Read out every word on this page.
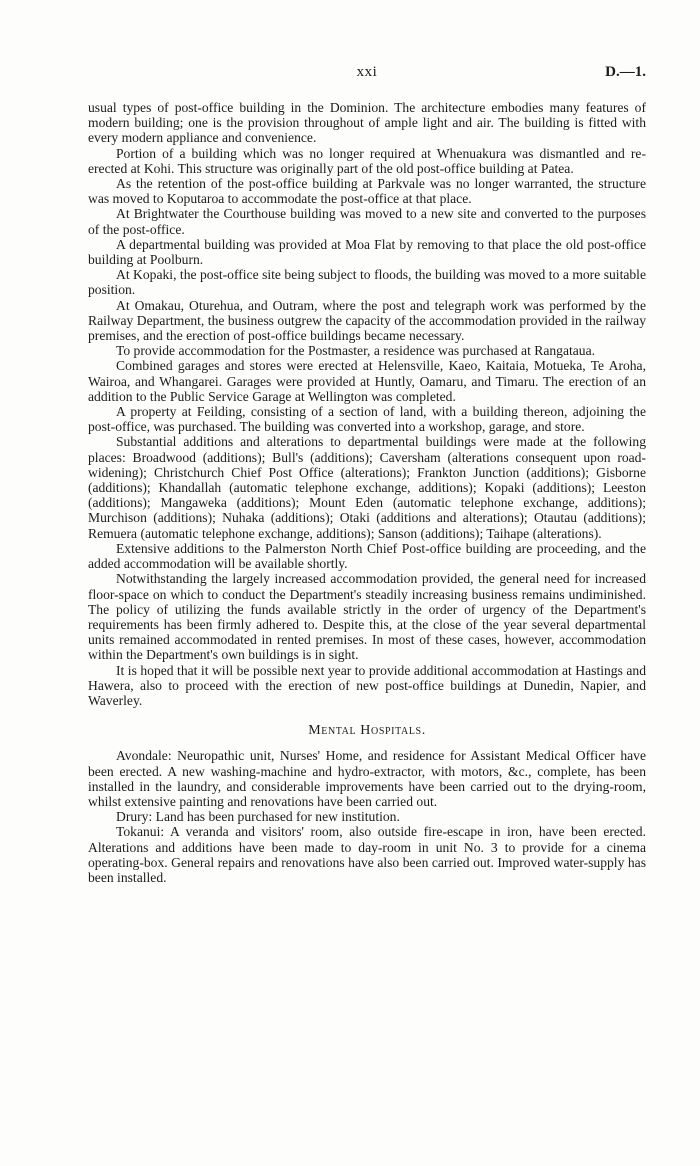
xxi	D.—1.

usual types of post-office building in the Dominion. The architecture embodies many features of modern building; one is the provision throughout of ample light and air. The building is fitted with every modern appliance and convenience.

Portion of a building which was no longer required at Whenuakura was dismantled and re-erected at Kohi. This structure was originally part of the old post-office building at Patea.

As the retention of the post-office building at Parkvale was no longer warranted, the structure was moved to Koputaroa to accommodate the post-office at that place.

At Brightwater the Courthouse building was moved to a new site and converted to the purposes of the post-office.

A departmental building was provided at Moa Flat by removing to that place the old post-office building at Poolburn.

At Kopaki, the post-office site being subject to floods, the building was moved to a more suitable position.

At Omakau, Oturehua, and Outram, where the post and telegraph work was performed by the Railway Department, the business outgrew the capacity of the accommodation provided in the railway premises, and the erection of post-office buildings became necessary.

To provide accommodation for the Postmaster, a residence was purchased at Rangataua.

Combined garages and stores were erected at Helensville, Kaeo, Kaitaia, Motueka, Te Aroha, Wairoa, and Whangarei. Garages were provided at Huntly, Oamaru, and Timaru. The erection of an addition to the Public Service Garage at Wellington was completed.

A property at Feilding, consisting of a section of land, with a building thereon, adjoining the post-office, was purchased. The building was converted into a workshop, garage, and store.

Substantial additions and alterations to departmental buildings were made at the following places: Broadwood (additions); Bull's (additions); Caversham (alterations consequent upon road-widening); Christchurch Chief Post Office (alterations); Frankton Junction (additions); Gisborne (additions); Khandallah (automatic telephone exchange, additions); Kopaki (additions); Leeston (additions); Mangaweka (additions); Mount Eden (automatic telephone exchange, additions); Murchison (additions); Nuhaka (additions); Otaki (additions and alterations); Otautau (additions); Remuera (automatic telephone exchange, additions); Sanson (additions); Taihape (alterations).

Extensive additions to the Palmerston North Chief Post-office building are proceeding, and the added accommodation will be available shortly.

Notwithstanding the largely increased accommodation provided, the general need for increased floor-space on which to conduct the Department's steadily increasing business remains undiminished. The policy of utilizing the funds available strictly in the order of urgency of the Department's requirements has been firmly adhered to. Despite this, at the close of the year several departmental units remained accommodated in rented premises. In most of these cases, however, accommodation within the Department's own buildings is in sight.

It is hoped that it will be possible next year to provide additional accommodation at Hastings and Hawera, also to proceed with the erection of new post-office buildings at Dunedin, Napier, and Waverley.

Mental Hospitals.

Avondale: Neuropathic unit, Nurses' Home, and residence for Assistant Medical Officer have been erected. A new washing-machine and hydro-extractor, with motors, &c., complete, has been installed in the laundry, and considerable improvements have been carried out to the drying-room, whilst extensive painting and renovations have been carried out.

Drury: Land has been purchased for new institution.

Tokanui: A veranda and visitors' room, also outside fire-escape in iron, have been erected. Alterations and additions have been made to day-room in unit No. 3 to provide for a cinema operating-box. General repairs and renovations have also been carried out. Improved water-supply has been installed.
